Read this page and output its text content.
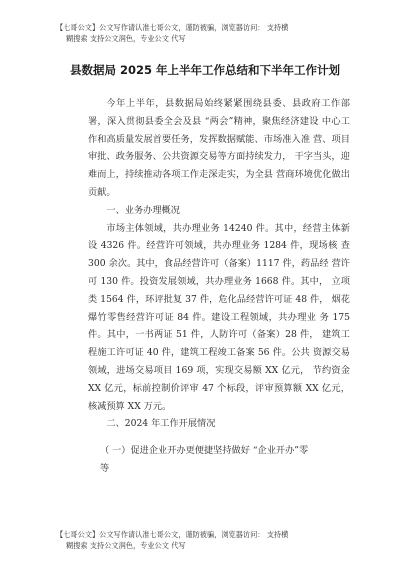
【七哥公文】公文写作请认准七哥公文，谨防被骗，浏览器访问： 支持横
糊搜索 支持公文润色，专业公文 代写
县数据局 2025 年上半年工作总结和下半年工作计划

今年上半年，县数据局始终紧紧围绕县委、县政府工作部署，深入贯彻县委全会及县 “两会”精神，聚焦经济建设 中心工作和高质量发展首要任务，发挥数据赋能、市场准入准 营、项目审批、政务服务、公共资源交易等方面持续发力， 干字当头，迎难而上，持续推动各项工作走深走实，为全县 营商环境优化做出贡献。

一、业务办理概况

市场主体领域，共办理业务 14240 件。其中，经营主体新设 4326 件。经营许可领域，共办理业务 1284 件，现场核 查 300 余次。其中，食品经营许可（备案）1117 件，药品经 营许可 130 件。投资发展领域，共办理业务 1668 件。其中， 立项类 1564 件，环评批复 37 件，危化品经营许可证 48 件， 烟花爆竹零售经营许可证 84 件。建设工程领域，共办理业 务 175 件。其中，一书两证 51 件，人防许可（备案）28 件， 建筑工程施工许可证 40 件，建筑工程竣工备案 56 件。公共 资源交易领域，进场交易项目 169 项，实现交易额 XX 亿元， 节约资金 XX 亿元，标前控制价评审 47 个标段，评审预算额 XX 亿元，核减预算 XX 万元。

二、2024 年工作开展情况

（ 一）促进企业开办更便捷坚持做好 “企业开办”零
等
【七哥公文】公文写作请认准七哥公文，谨防被骗，浏览器访问： 支持横
糊搜索 支持公文润色，专业公文 代写
